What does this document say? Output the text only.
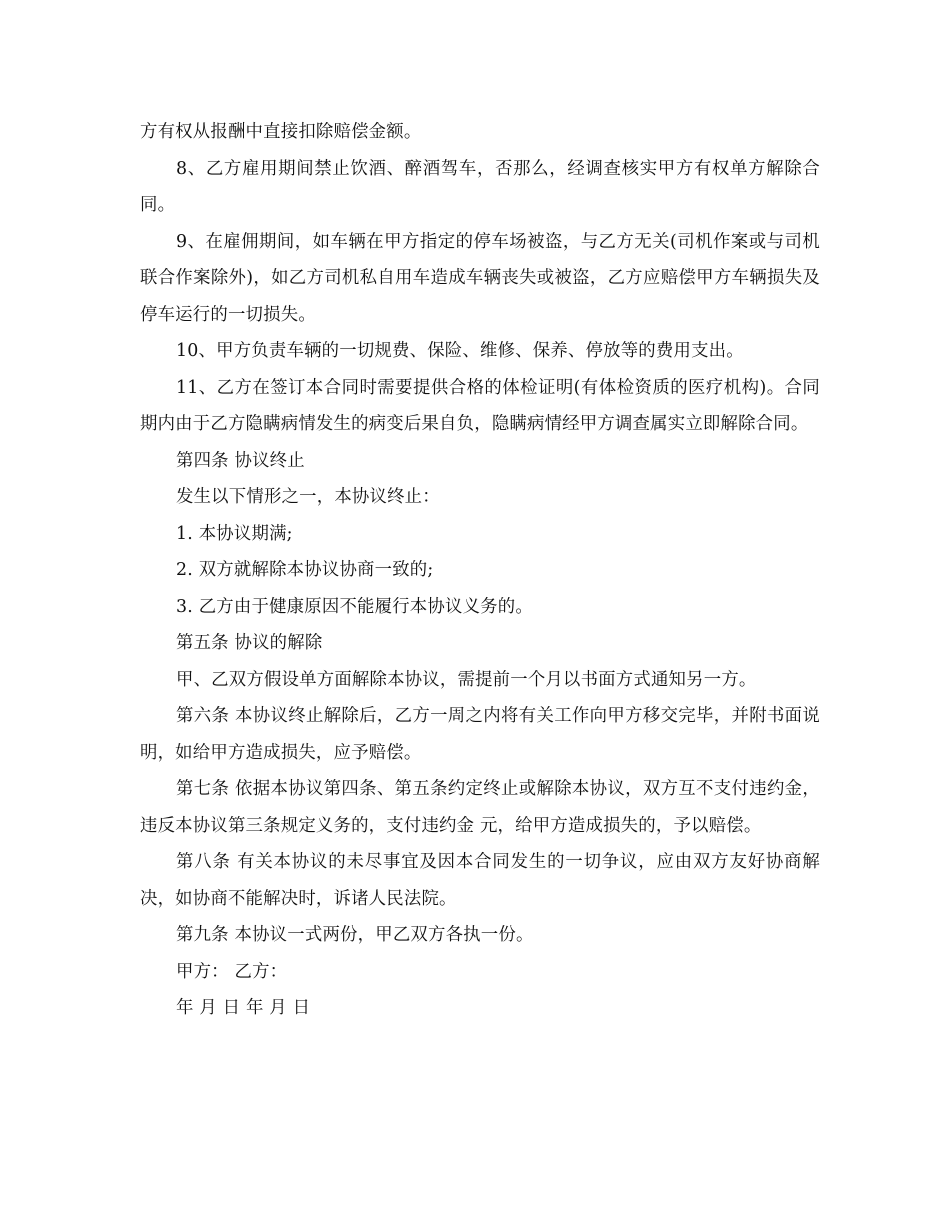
方有权从报酬中直接扣除赔偿金额。

8、乙方雇用期间禁止饮酒、醉酒驾车，否那么，经调查核实甲方有权单方解除合同。

9、在雇佣期间，如车辆在甲方指定的停车场被盗，与乙方无关(司机作案或与司机联合作案除外)，如乙方司机私自用车造成车辆丧失或被盗，乙方应赔偿甲方车辆损失及停车运行的一切损失。

10、甲方负责车辆的一切规费、保险、维修、保养、停放等的费用支出。

11、乙方在签订本合同时需要提供合格的体检证明(有体检资质的医疗机构)。合同期内由于乙方隐瞒病情发生的病变后果自负，隐瞒病情经甲方调查属实立即解除合同。

第四条 协议终止

发生以下情形之一，本协议终止：

1. 本协议期满;

2. 双方就解除本协议协商一致的;

3. 乙方由于健康原因不能履行本协议义务的。

第五条 协议的解除

甲、乙双方假设单方面解除本协议，需提前一个月以书面方式通知另一方。

第六条 本协议终止解除后，乙方一周之内将有关工作向甲方移交完毕，并附书面说明，如给甲方造成损失，应予赔偿。

第七条 依据本协议第四条、第五条约定终止或解除本协议，双方互不支付违约金，违反本协议第三条规定义务的，支付违约金 元，给甲方造成损失的，予以赔偿。

第八条 有关本协议的未尽事宜及因本合同发生的一切争议，应由双方友好协商解决，如协商不能解决时，诉诸人民法院。

第九条 本协议一式两份，甲乙双方各执一份。

甲方： 乙方：

年 月 日 年 月 日
